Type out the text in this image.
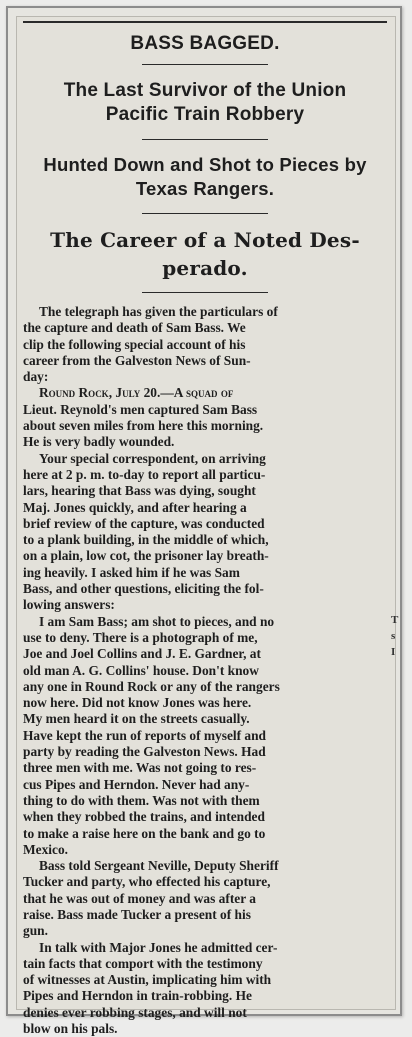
BASS BAGGED.
The Last Survivor of the Union
Pacific Train Robbery
Hunted Down and Shot to Pieces by
Texas Rangers.
The Career of a Noted Des-
perado.

The telegraph has given the particulars of
the capture and death of Sam Bass. We
clip the following special account of his
career from the Galveston News of Sun-
day:

Round Rock, July 20.—A squad of
Lieut. Reynold's men captured Sam Bass
about seven miles from here this morning.
He is very badly wounded.

Your special correspondent, on arriving
here at 2 p. m. to-day to report all particu-
lars, hearing that Bass was dying, sought
Maj. Jones quickly, and after hearing a
brief review of the capture, was conducted
to a plank building, in the middle of which,
on a plain, low cot, the prisoner lay breath-
ing heavily. I asked him if he was Sam
Bass, and other questions, eliciting the fol-
lowing answers:

I am Sam Bass; am shot to pieces, and no
use to deny. There is a photograph of me,
Joe and Joel Collins and J. E. Gardner, at
old man A. G. Collins' house. Don't know
any one in Round Rock or any of the rangers
now here. Did not know Jones was here.
My men heard it on the streets casually.
Have kept the run of reports of myself and
party by reading the Galveston News. Had
three men with me. Was not going to res-
cus Pipes and Herndon. Never had any-
thing to do with them. Was not with them
when they robbed the trains, and intended
to make a raise here on the bank and go to
Mexico.

Bass told Sergeant Neville, Deputy Sheriff
Tucker and party, who effected his capture,
that he was out of money and was after a
raise. Bass made Tucker a present of his
gun.

In talk with Major Jones he admitted cer-
tain facts that comport with the testimony
of witnesses at Austin, implicating him with
Pipes and Herndon in train-robbing. He
denies ever robbing stages, and will not
blow on his pals.

T
s
I
